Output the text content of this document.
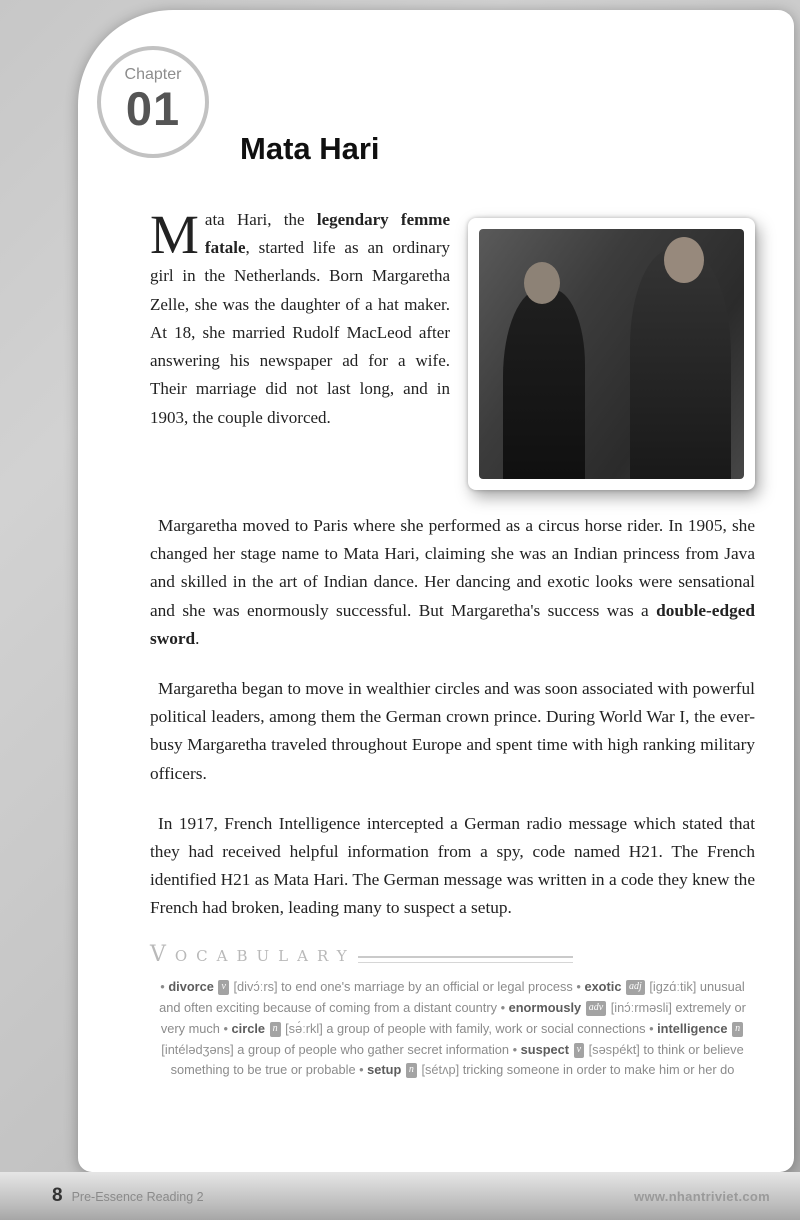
Chapter
01
Mata Hari

Mata Hari, the legendary femme fatale, started life as an ordinary girl in the Netherlands. Born Margaretha Zelle, she was the daughter of a hat maker. At 18, she married Rudolf MacLeod after answering his newspaper ad for a wife. Their marriage did not last long, and in 1903, the couple divorced.

Margaretha moved to Paris where she performed as a circus horse rider. In 1905, she changed her stage name to Mata Hari, claiming she was an Indian princess from Java and skilled in the art of Indian dance. Her dancing and exotic looks were sensational and she was enormously successful. But Margaretha's success was a double-edged sword.

Margaretha began to move in wealthier circles and was soon associated with powerful political leaders, among them the German crown prince. During World War I, the ever-busy Margaretha traveled throughout Europe and spent time with high ranking military officers.

In 1917, French Intelligence intercepted a German radio message which stated that they had received helpful information from a spy, code named H21. The French identified H21 as Mata Hari. The German message was written in a code they knew the French had broken, leading many to suspect a setup.

Vocabulary

• divorce v [divɔ́ːrs] to end one's marriage by an official or legal process • exotic adj [igzɑ́ːtik] unusual and often exciting because of coming from a distant country • enormously adv [inɔ́ːrməsli] extremely or very much • circle n [sə́ːrkl] a group of people with family, work or social connections • intelligence n [intélədʒəns] a group of people who gather secret information • suspect v [səspékt] to think or believe something to be true or probable • setup n [sétʌp] tricking someone in order to make him or her do

8 Pre-Essence Reading 2	www.nhantriviet.com
